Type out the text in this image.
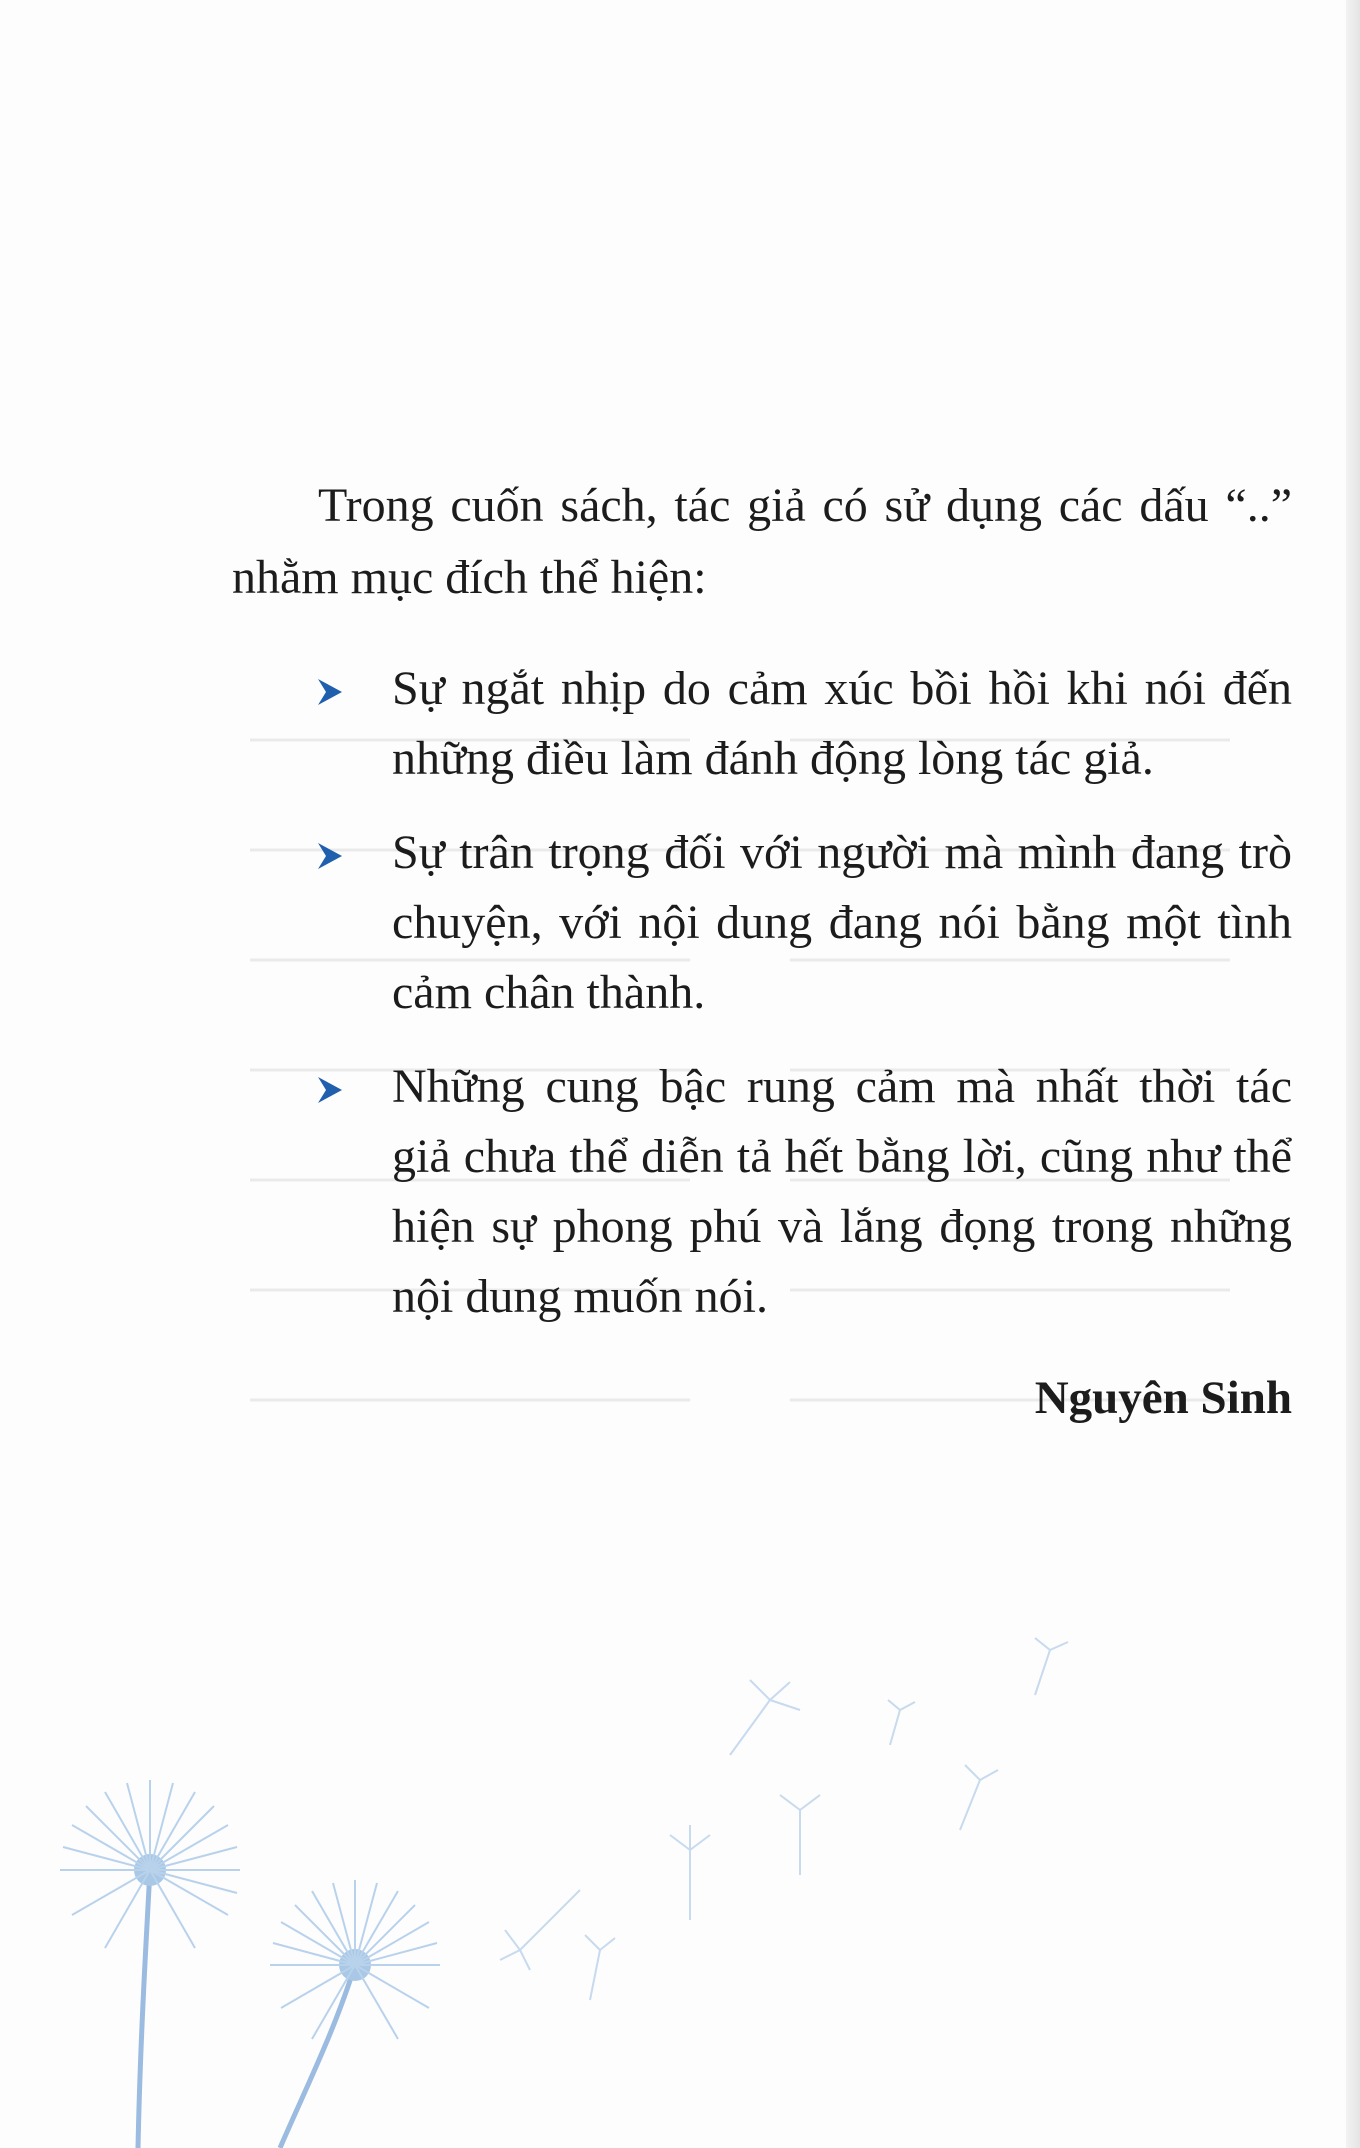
Trong cuốn sách, tác giả có sử dụng các dấu “..” nhằm mục đích thể hiện:

Sự ngắt nhịp do cảm xúc bồi hồi khi nói đến những điều làm đánh động lòng tác giả.
Sự trân trọng đối với người mà mình đang trò chuyện, với nội dung đang nói bằng một tình cảm chân thành.
Những cung bậc rung cảm mà nhất thời tác giả chưa thể diễn tả hết bằng lời, cũng như thể hiện sự phong phú và lắng đọng trong những nội dung muốn nói.

Nguyên Sinh
